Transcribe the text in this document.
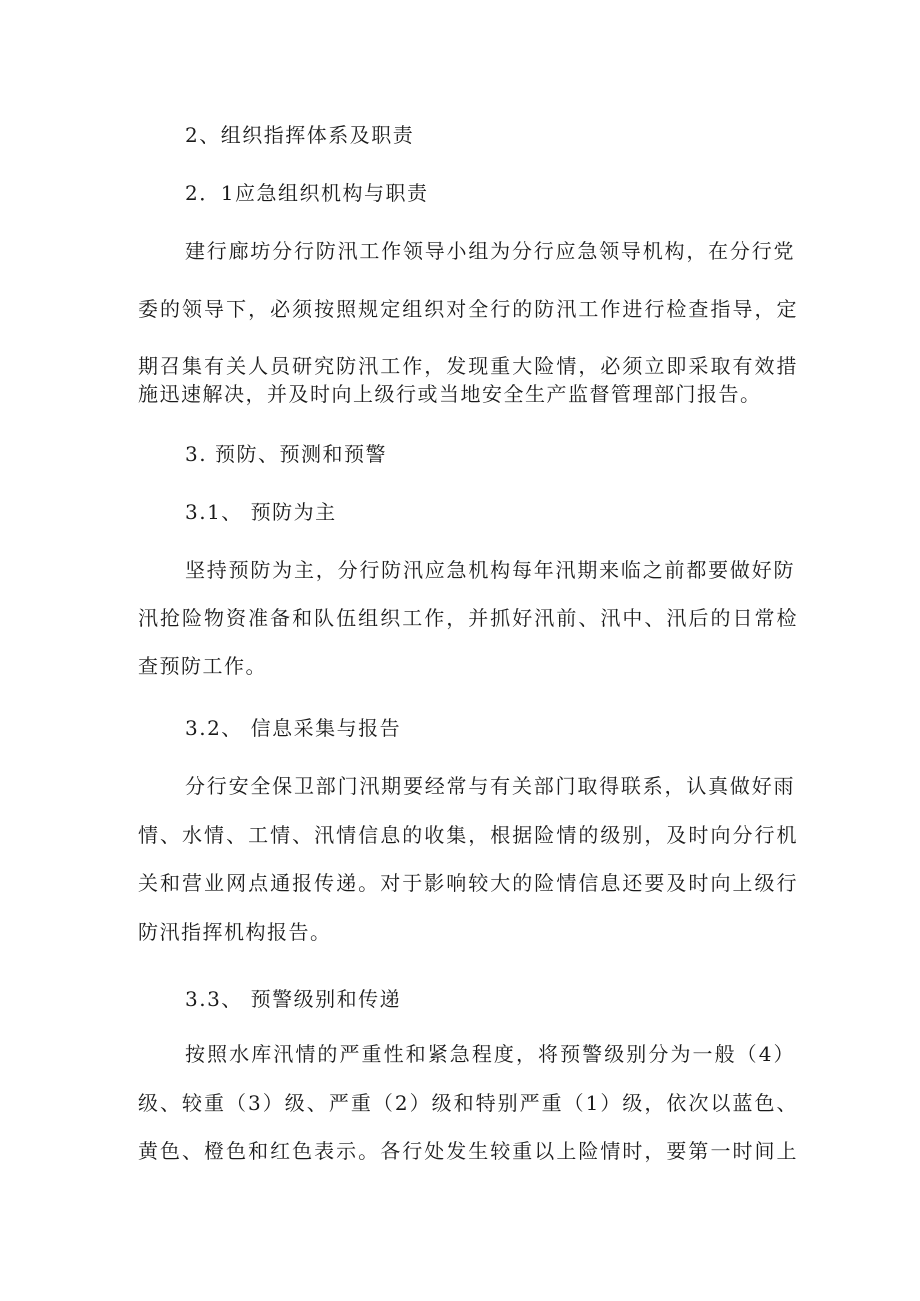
2、组织指挥体系及职责
2．1应急组织机构与职责
建行廊坊分行防汛工作领导小组为分行应急领导机构，在分行党
委的领导下，必须按照规定组织对全行的防汛工作进行检查指导，定
期召集有关人员研究防汛工作，发现重大险情，必须立即采取有效措
施迅速解决，并及时向上级行或当地安全生产监督管理部门报告。
3. 预防、预测和预警
3.1、 预防为主
坚持预防为主，分行防汛应急机构每年汛期来临之前都要做好防
汛抢险物资准备和队伍组织工作，并抓好汛前、汛中、汛后的日常检
查预防工作。
3.2、 信息采集与报告
分行安全保卫部门汛期要经常与有关部门取得联系，认真做好雨
情、水情、工情、汛情信息的收集，根据险情的级别，及时向分行机
关和营业网点通报传递。对于影响较大的险情信息还要及时向上级行
防汛指挥机构报告。
3.3、 预警级别和传递
按照水库汛情的严重性和紧急程度，将预警级别分为一般（4）
级、较重（3）级、严重（2）级和特别严重（1）级，依次以蓝色、
黄色、橙色和红色表示。各行处发生较重以上险情时，要第一时间上
